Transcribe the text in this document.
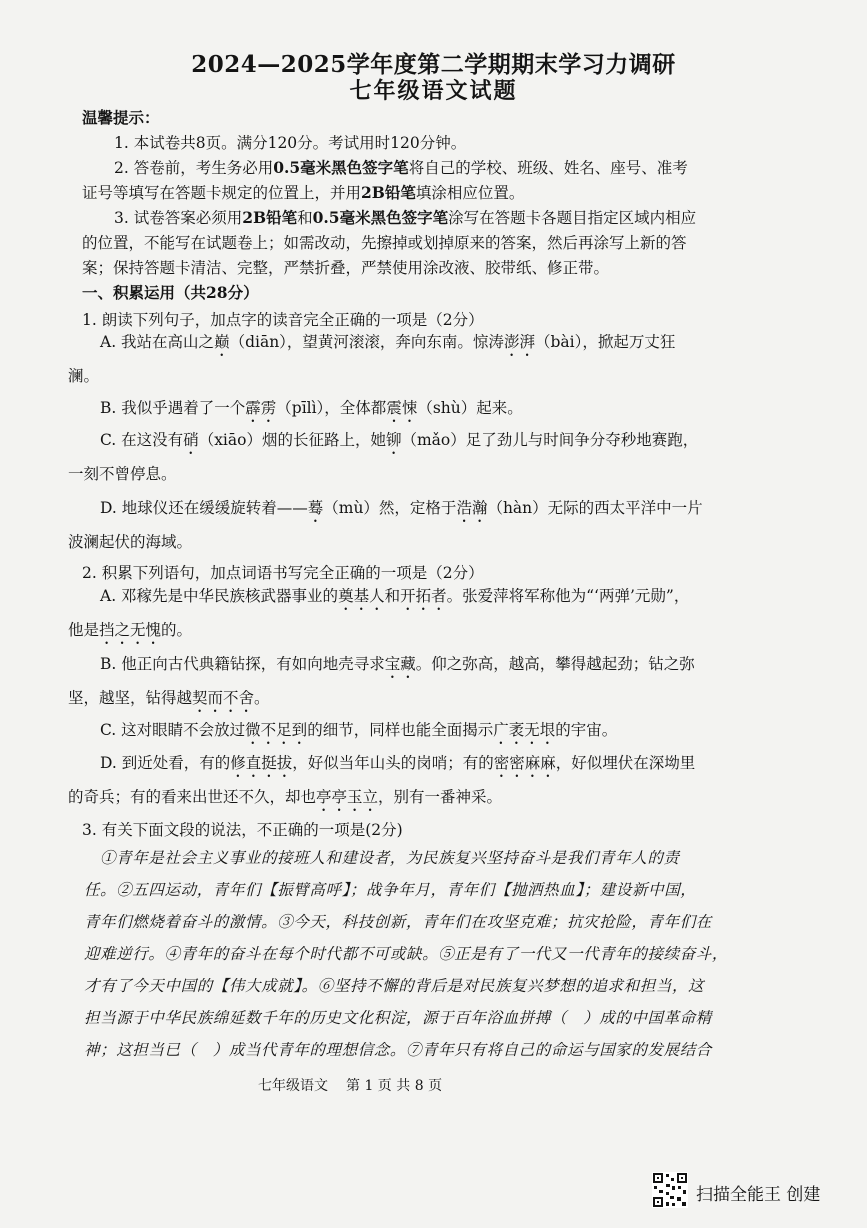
2024—2025学年度第二学期期末学习力调研
七年级语文试题
温馨提示：
1. 本试卷共8页。满分120分。考试用时120分钟。
2. 答卷前，考生务必用0.5毫米黑色签字笔将自己的学校、班级、姓名、座号、准考
证号等填写在答题卡规定的位置上，并用2B铅笔填涂相应位置。
3. 试卷答案必须用2B铅笔和0.5毫米黑色签字笔涂写在答题卡各题目指定区域内相应
的位置，不能写在试题卷上；如需改动，先擦掉或划掉原来的答案，然后再涂写上新的答
案；保持答题卡清洁、完整，严禁折叠，严禁使用涂改液、胶带纸、修正带。
一、积累运用（共28分）
1. 朗读下列句子，加点字的读音完全正确的一项是（2分）
A. 我站在高山之巅（diān），望黄河滚滚，奔向东南。惊涛澎湃（bài），掀起万丈狂
澜。
B. 我似乎遇着了一个霹雳（pīlì），全体都震悚（shù）起来。
C. 在这没有硝（xiāo）烟的长征路上，她铆（mǎo）足了劲儿与时间争分夺秒地赛跑，
一刻不曾停息。
D. 地球仪还在缓缓旋转着——蓦（mù）然，定格于浩瀚（hàn）无际的西太平洋中一片
波澜起伏的海域。
2. 积累下列语句，加点词语书写完全正确的一项是（2分）
A. 邓稼先是中华民族核武器事业的奠基人和开拓者。张爱萍将军称他为“‘两弹’元勋”，
他是挡之无愧的。
B. 他正向古代典籍钻探，有如向地壳寻求宝藏。仰之弥高，越高，攀得越起劲；钻之弥
坚，越坚，钻得越契而不舍。
C. 这对眼睛不会放过微不足到的细节，同样也能全面揭示广袤无垠的宇宙。
D. 到近处看，有的修直挺拔，好似当年山头的岗哨；有的密密麻麻，好似埋伏在深坳里
的奇兵；有的看来出世还不久，却也亭亭玉立，别有一番神采。
3. 有关下面文段的说法，不正确的一项是(2分)
①青年是社会主义事业的接班人和建设者，为民族复兴坚持奋斗是我们青年人的责
任。②五四运动，青年们【振臂高呼】；战争年月，青年们【抛洒热血】；建设新中国，
青年们燃烧着奋斗的激情。③今天，科技创新，青年们在攻坚克难；抗灾抢险，青年们在
迎难逆行。④青年的奋斗在每个时代都不可或缺。⑤正是有了一代又一代青年的接续奋斗，
才有了今天中国的【伟大成就】。⑥坚持不懈的背后是对民族复兴梦想的追求和担当，这
担当源于中华民族绵延数千年的历史文化积淀，源于百年浴血拼搏（　）成的中国革命精
神；这担当已（　）成当代青年的理想信念。⑦青年只有将自己的命运与国家的发展结合
七年级语文 第 1 页 共 8 页
扫描全能王 创建
